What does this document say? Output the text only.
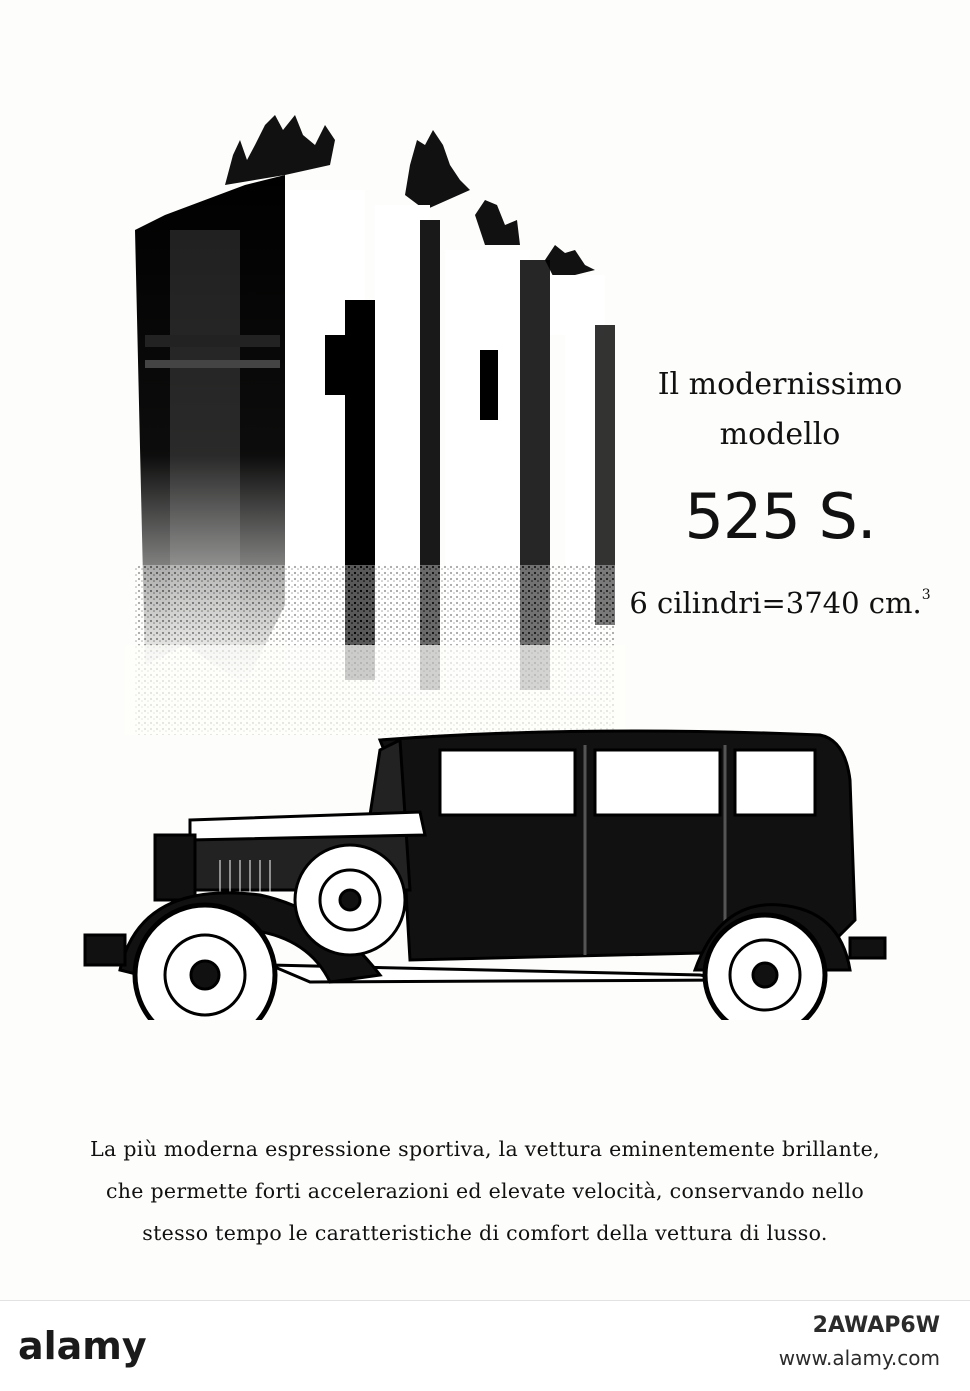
Il modernissimo
modello
525 S.
6 cilindri=3740 cm.$^3$
La più moderna espressione sportiva, la vettura eminentemente brillante,
che permette forti accelerazioni ed elevate velocità, conservando nello
stesso tempo le caratteristiche di comfort della vettura di lusso.
alamy	2AWAP6W
www.alamy.com
